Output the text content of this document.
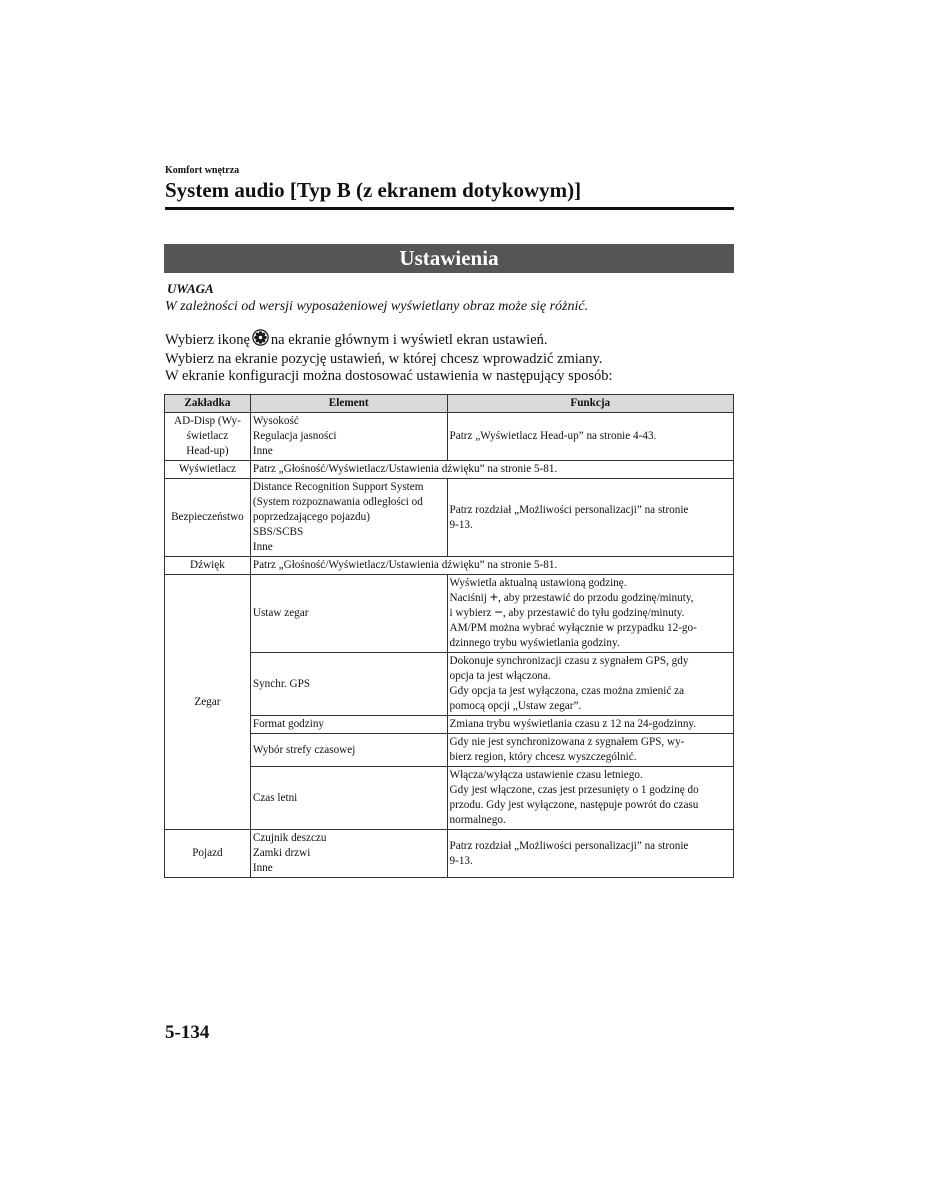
Komfort wnętrza
System audio [Typ B (z ekranem dotykowym)]
Ustawienia
UWAGA
W zależności od wersji wyposażeniowej wyświetlany obraz może się różnić.
Wybierz ikonę na ekranie głównym i wyświetl ekran ustawień.
Wybierz na ekranie pozycję ustawień, w której chcesz wprowadzić zmiany.
W ekranie konfiguracji można dostosować ustawienia w następujący sposób:
Zakładka	Element	Funkcja

AD-Disp (Wy-
świetlacz
Head-up)	Wysokość
Regulacja jasności
Inne	Patrz „Wyświetlacz Head-up” na stronie 4-43.
Wyświetlacz	Patrz „Głośność/Wyświetlacz/Ustawienia dźwięku” na stronie 5-81.	
Bezpieczeństwo	Distance Recognition Support System
(System rozpoznawania odległości od
poprzedzającego pojazdu)
SBS/SCBS
Inne	Patrz rozdział „Możliwości personalizacji” na stronie
9-13.

Dźwięk	Patrz „Głośność/Wyświetlacz/Ustawienia dźwięku” na stronie 5-81.	
Zegar	Ustaw zegar	Wyświetla aktualną ustawioną godzinę.
Naciśnij +, aby przestawić do przodu godzinę/minuty,
i wybierz −, aby przestawić do tyłu godzinę/minuty.
AM/PM można wybrać wyłącznie w przypadku 12-go-
dzinnego trybu wyświetlania godziny.

	Synchr. GPS	Dokonuje synchronizacji czasu z sygnałem GPS, gdy
opcja ta jest włączona.
Gdy opcja ta jest wyłączona, czas można zmienić za
pomocą opcji „Ustaw zegar”.

	Format godziny	Zmiana trybu wyświetlania czasu z 12 na 24-godzinny.
	Wybór strefy czasowej	Gdy nie jest synchronizowana z sygnałem GPS, wy-
bierz region, który chcesz wyszczególnić.

	Czas letni	Włącza/wyłącza ustawienie czasu letniego.
Gdy jest włączone, czas jest przesunięty o 1 godzinę do
przodu. Gdy jest wyłączone, następuje powrót do czasu
normalnego.

Pojazd	Czujnik deszczu
Zamki drzwi
Inne	Patrz rozdział „Możliwości personalizacji” na stronie
9-13.
5-134
